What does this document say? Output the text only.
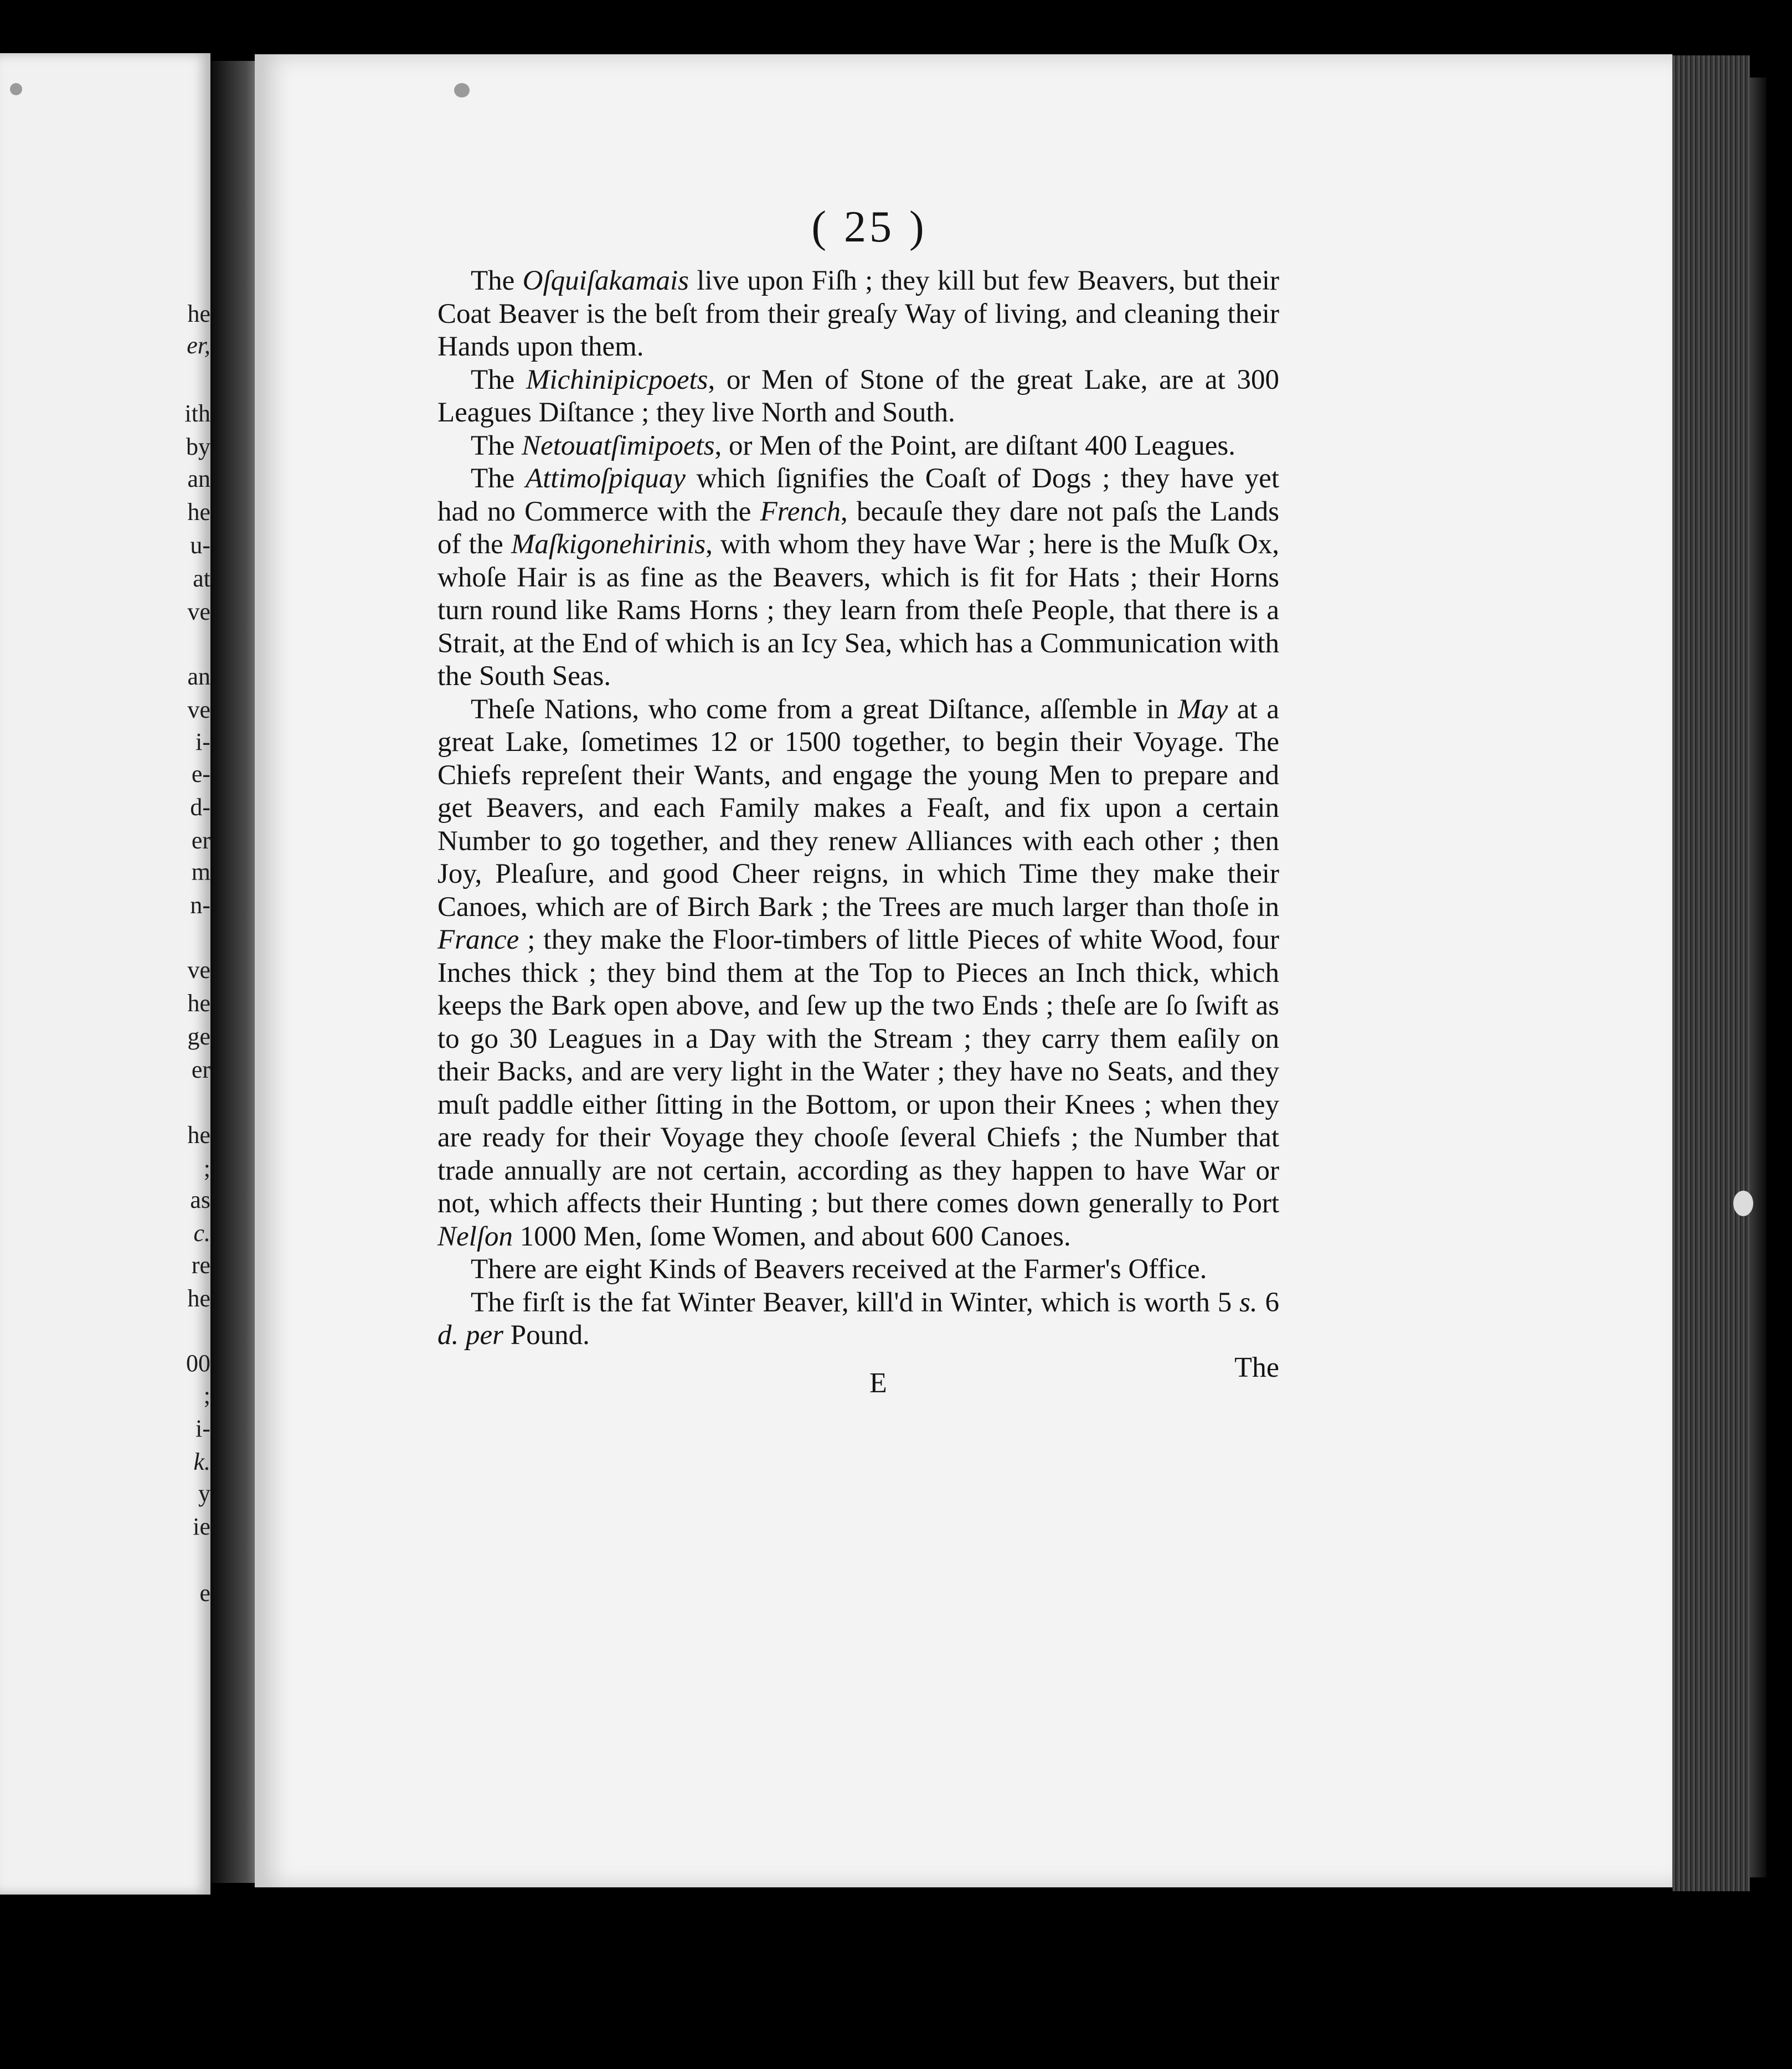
he
er,
ith
by
an
he
u-
at
ve
an
ve
i-
e-
d-
er
m
n-
ve
he
ge
er
he
;
as
c.
re
he
00
;
i-
k.
y
ie
e
( 25 )

The Oſquiſakamais live upon Fiſh ; they kill but few Beavers, but their Coat Beaver is the beſt from their greaſy Way of living, and cleaning their Hands upon them.

The Michinipicpoets, or Men of Stone of the great Lake, are at 300 Leagues Diſtance ; they live North and South.

The Netouatſimipoets, or Men of the Point, are diſtant 400 Leagues.

The Attimoſpiquay which ſignifies the Coaſt of Dogs ; they have yet had no Commerce with the French, becauſe they dare not paſs the Lands of the Maſkigonehirinis, with whom they have War ; here is the Muſk Ox, whoſe Hair is as fine as the Beavers, which is fit for Hats ; their Horns turn round like Rams Horns ; they learn from theſe People, that there is a Strait, at the End of which is an Icy Sea, which has a Communication with the South Seas.

Theſe Nations, who come from a great Diſtance, aſſemble in May at a great Lake, ſometimes 12 or 1500 together, to begin their Voyage. The Chiefs repreſent their Wants, and engage the young Men to prepare and get Beavers, and each Family makes a Feaſt, and fix upon a certain Number to go together, and they renew Alliances with each other ; then Joy, Pleaſure, and good Cheer reigns, in which Time they make their Canoes, which are of Birch Bark ; the Trees are much larger than thoſe in France ; they make the Floor-timbers of little Pieces of white Wood, four Inches thick ; they bind them at the Top to Pieces an Inch thick, which keeps the Bark open above, and ſew up the two Ends ; theſe are ſo ſwift as to go 30 Leagues in a Day with the Stream ; they carry them eaſily on their Backs, and are very light in the Water ; they have no Seats, and they muſt paddle either ſitting in the Bottom, or upon their Knees ; when they are ready for their Voyage they chooſe ſeveral Chiefs ; the Number that trade annually are not certain, according as they happen to have War or not, which affects their Hunting ; but there comes down generally to Port Nelſon 1000 Men, ſome Women, and about 600 Canoes.

There are eight Kinds of Beavers received at the Farmer's Office.

The firſt is the fat Winter Beaver, kill'd in Winter, which is worth 5 s. 6 d. per Pound.

E	The
